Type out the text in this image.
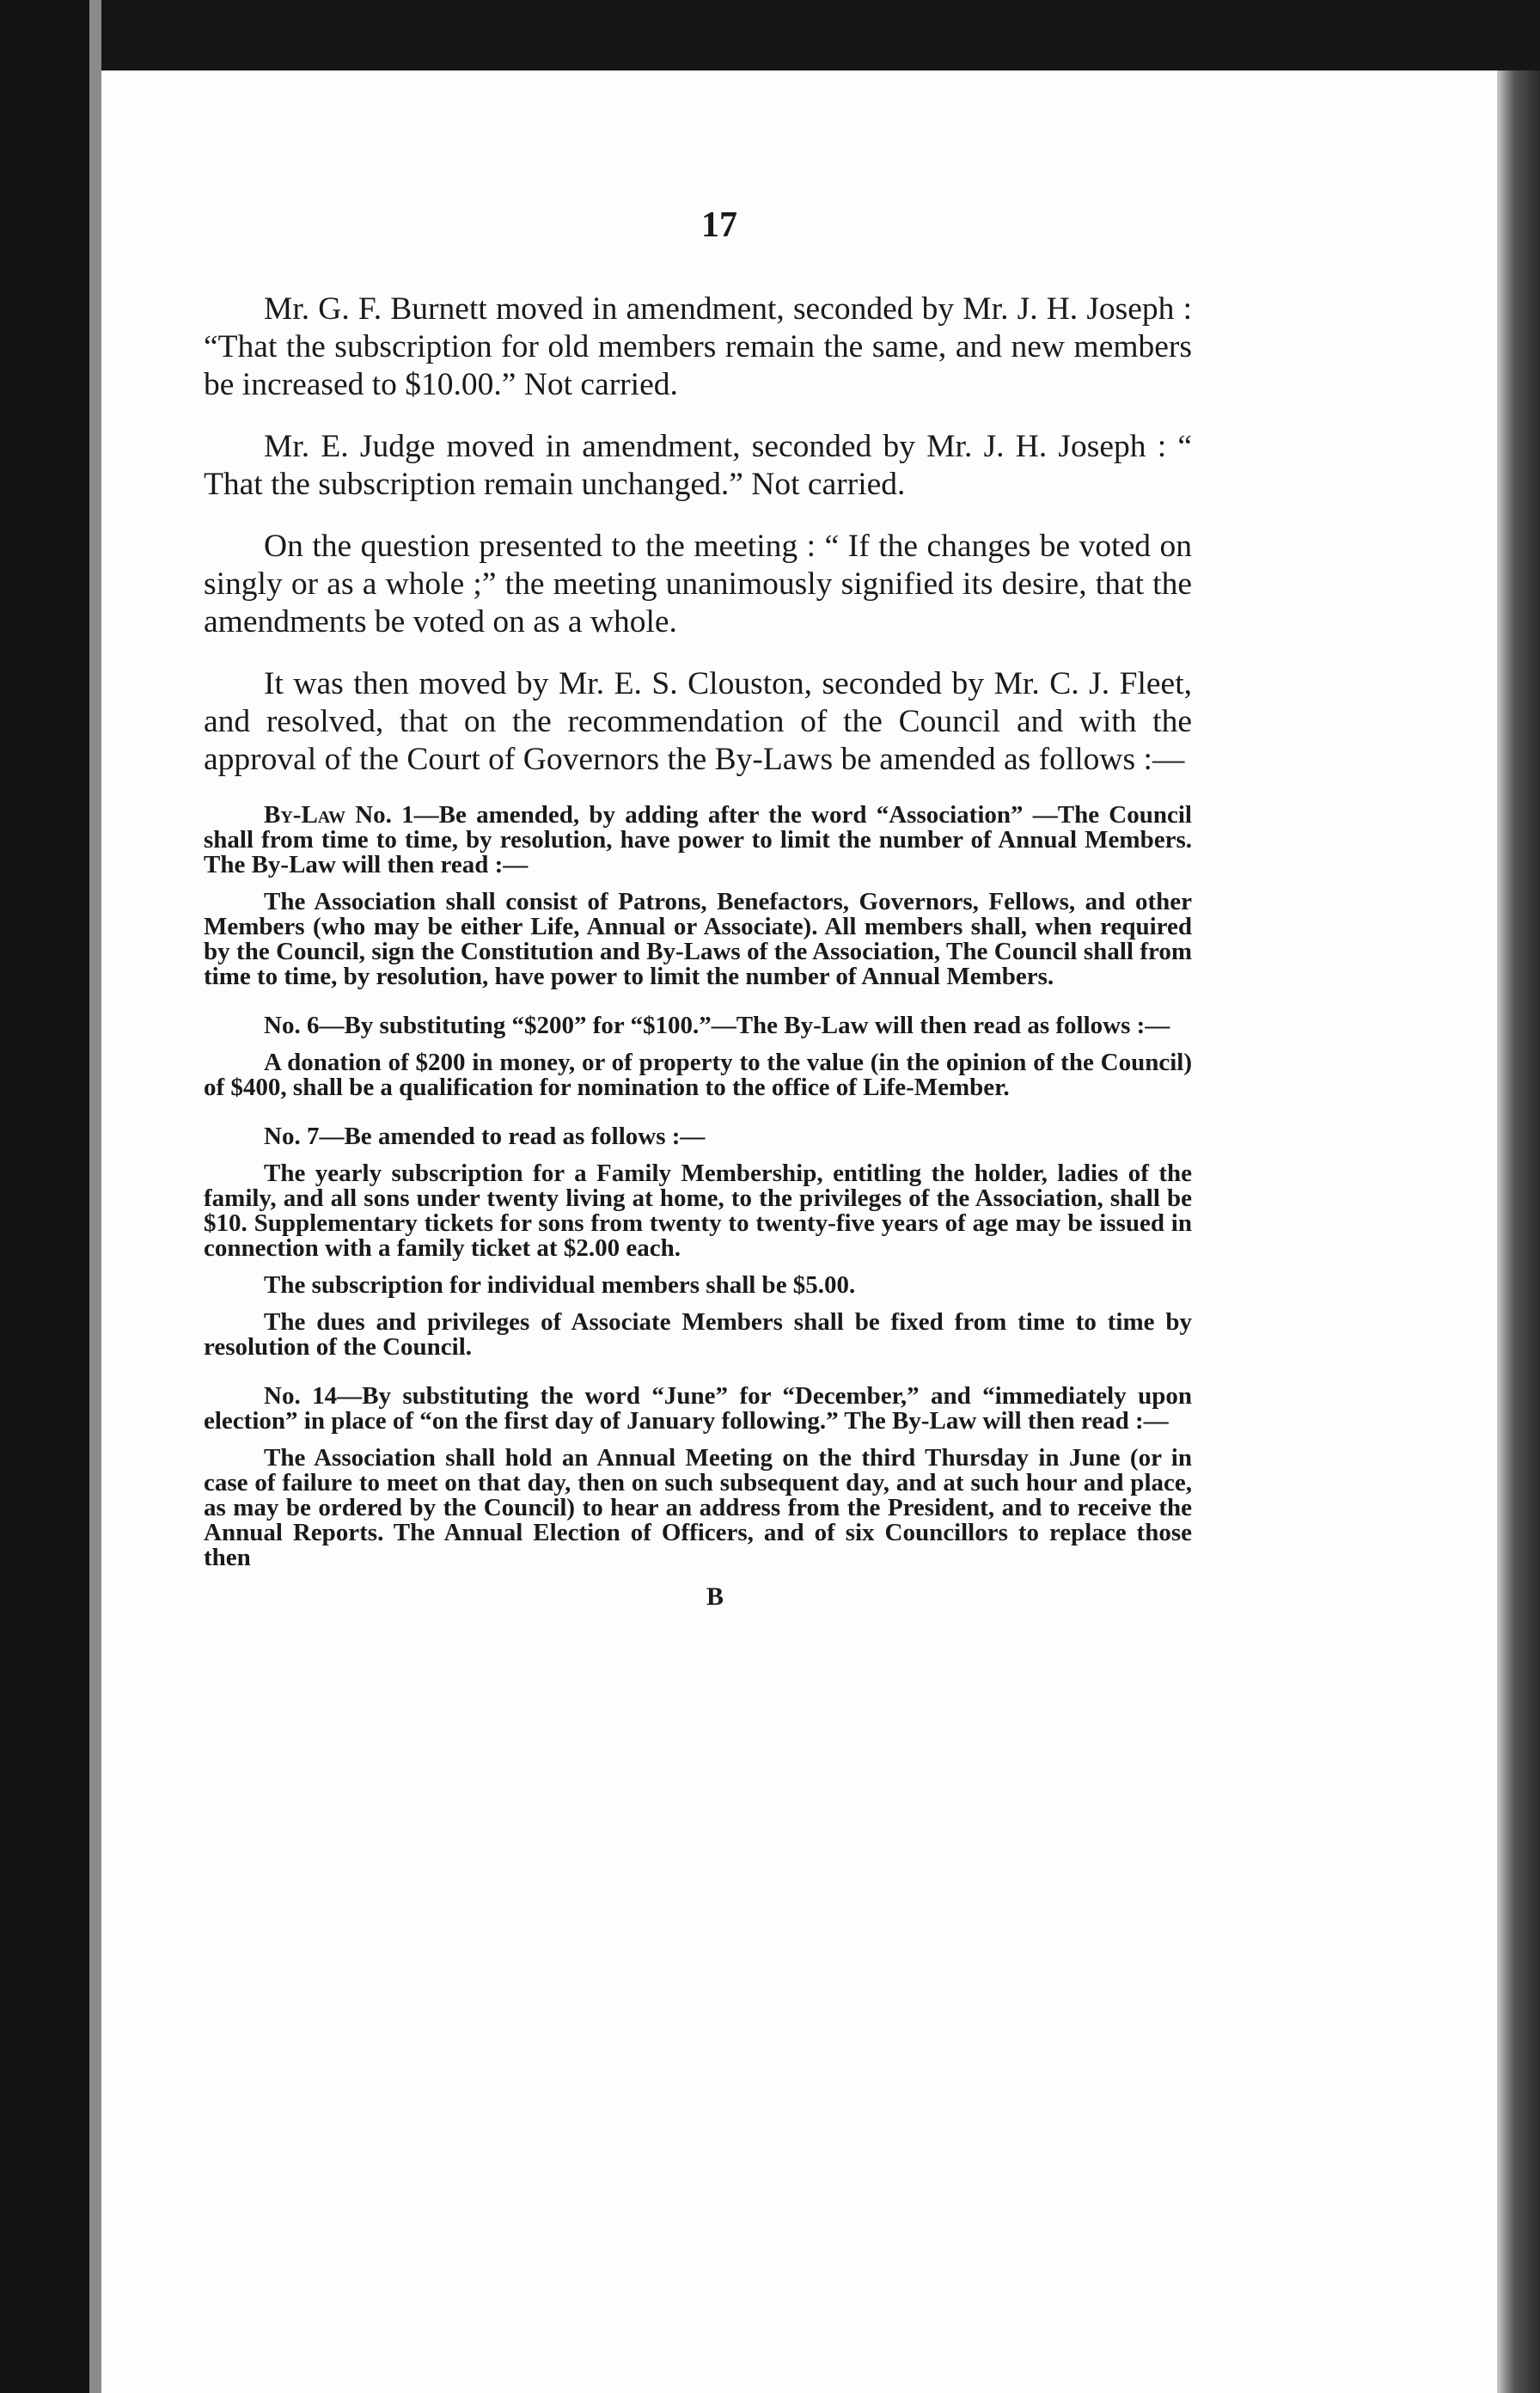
17

Mr. G. F. Burnett moved in amendment, seconded by Mr. J. H. Joseph : “That the subscription for old members remain the same, and new members be increased to $10.00.” Not carried.

Mr. E. Judge moved in amendment, seconded by Mr. J. H. Joseph : “ That the subscription remain unchanged.” Not carried.

On the question presented to the meeting : “ If the changes be voted on singly or as a whole ;” the meeting unanimously signified its desire, that the amendments be voted on as a whole.

It was then moved by Mr. E. S. Clouston, seconded by Mr. C. J. Fleet, and resolved, that on the recommendation of the Council and with the approval of the Court of Governors the By-Laws be amended as follows :—

By-Law No. 1—Be amended, by adding after the word “Association” —The Council shall from time to time, by resolution, have power to limit the number of Annual Members. The By-Law will then read :—

The Association shall consist of Patrons, Benefactors, Governors, Fellows, and other Members (who may be either Life, Annual or Associate). All members shall, when required by the Council, sign the Constitution and By-Laws of the Association, The Council shall from time to time, by resolution, have power to limit the number of Annual Members.

No. 6—By substituting “$200” for “$100.”—The By-Law will then read as follows :—

A donation of $200 in money, or of property to the value (in the opinion of the Council) of $400, shall be a qualification for nomination to the office of Life-Member.

No. 7—Be amended to read as follows :—

The yearly subscription for a Family Membership, entitling the holder, ladies of the family, and all sons under twenty living at home, to the privileges of the Association, shall be $10. Supplementary tickets for sons from twenty to twenty-five years of age may be issued in connection with a family ticket at $2.00 each.

The subscription for individual members shall be $5.00.

The dues and privileges of Associate Members shall be fixed from time to time by resolution of the Council.

No. 14—By substituting the word “June” for “December,” and “immediately upon election” in place of “on the first day of January following.” The By-Law will then read :—

The Association shall hold an Annual Meeting on the third Thursday in June (or in case of failure to meet on that day, then on such subsequent day, and at such hour and place, as may be ordered by the Council) to hear an address from the President, and to receive the Annual Reports. The Annual Election of Officers, and of six Councillors to replace those then

B
